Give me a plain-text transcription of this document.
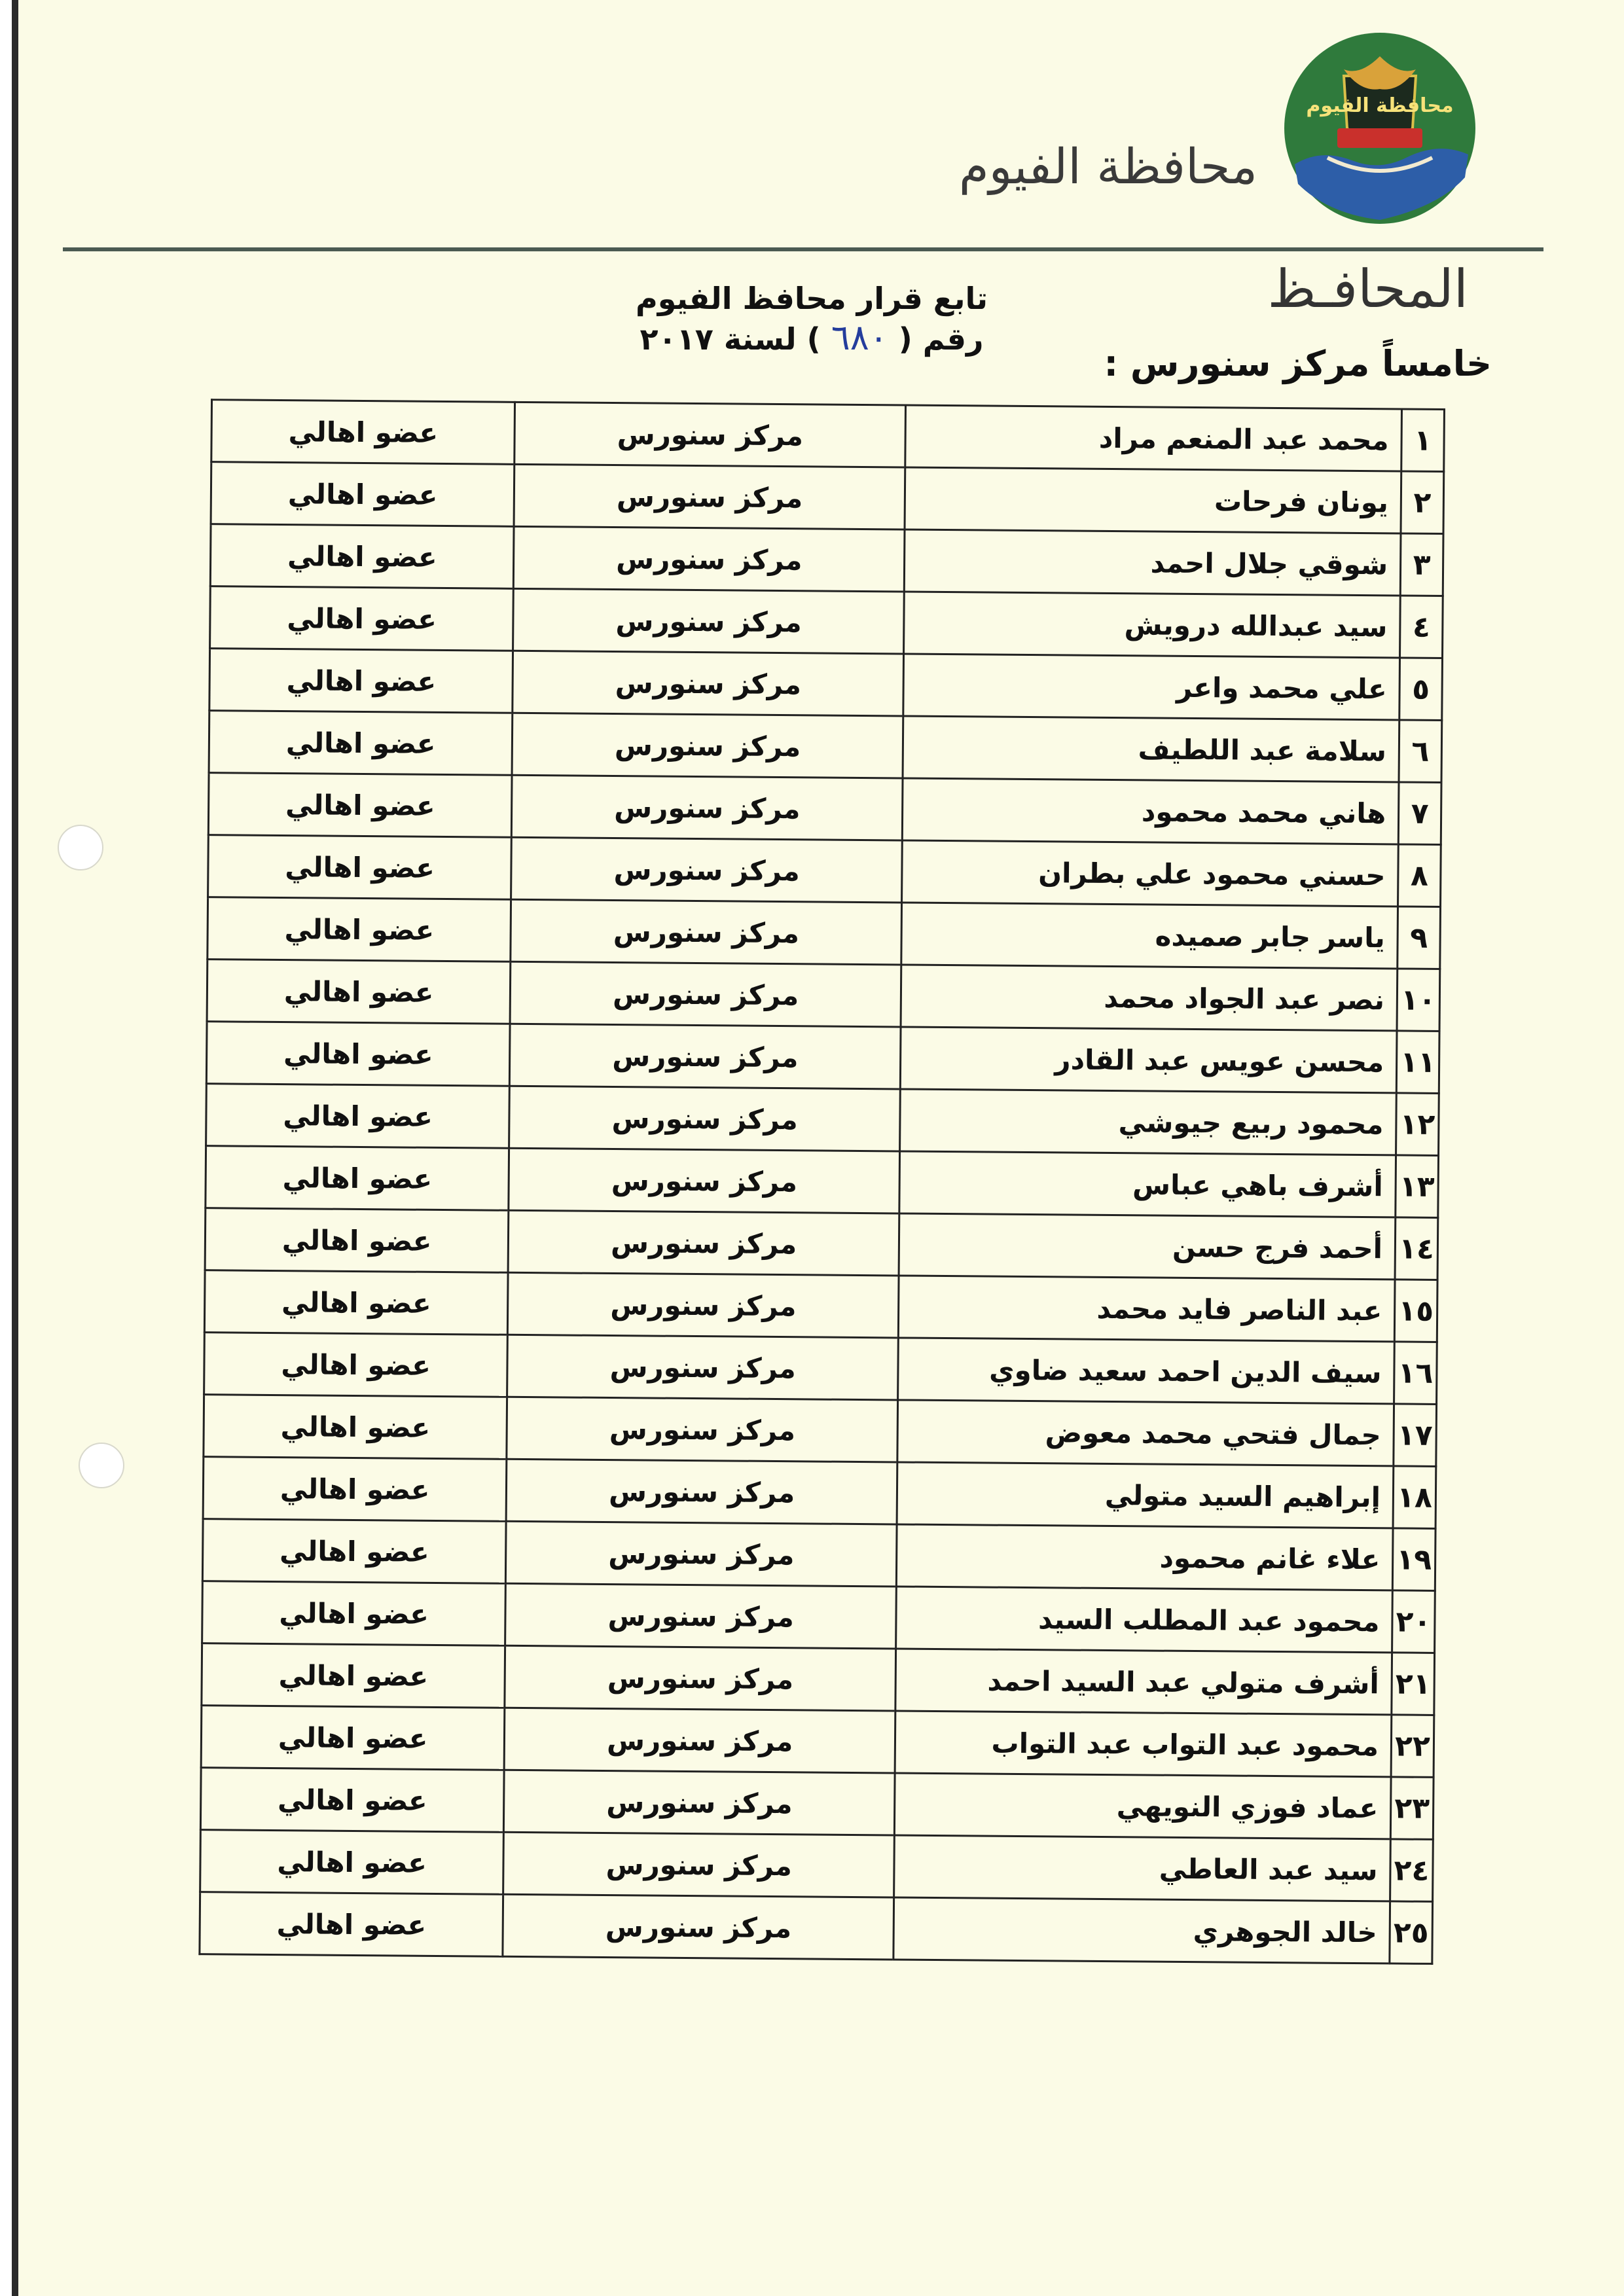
محافظة الفيوم
محافظة الفيوم
المحافـظ
تابع قرار محافظ الفيوم
رقم ( ٦٨٠ ) لسنة ٢٠١٧
خامساً مركز سنورس :
١	محمد عبد المنعم مراد	مركز سنورس	عضو اهالي
٢	يونان فرحات	مركز سنورس	عضو اهالي
٣	شوقي جلال احمد	مركز سنورس	عضو اهالي
٤	سيد عبدالله درويش	مركز سنورس	عضو اهالي
٥	علي محمد واعر	مركز سنورس	عضو اهالي
٦	سلامة عبد اللطيف	مركز سنورس	عضو اهالي
٧	هاني محمد محمود	مركز سنورس	عضو اهالي
٨	حسني محمود علي بطران	مركز سنورس	عضو اهالي
٩	ياسر جابر صميده	مركز سنورس	عضو اهالي
١٠	نصر عبد الجواد محمد	مركز سنورس	عضو اهالي
١١	محسن عويس عبد القادر	مركز سنورس	عضو اهالي
١٢	محمود ربيع جيوشي	مركز سنورس	عضو اهالي
١٣	أشرف باهي عباس	مركز سنورس	عضو اهالي
١٤	أحمد فرج حسن	مركز سنورس	عضو اهالي
١٥	عبد الناصر فايد محمد	مركز سنورس	عضو اهالي
١٦	سيف الدين احمد سعيد ضاوي	مركز سنورس	عضو اهالي
١٧	جمال فتحي محمد معوض	مركز سنورس	عضو اهالي
١٨	إبراهيم السيد متولي	مركز سنورس	عضو اهالي
١٩	علاء غانم محمود	مركز سنورس	عضو اهالي
٢٠	محمود عبد المطلب السيد	مركز سنورس	عضو اهالي
٢١	أشرف متولي عبد السيد احمد	مركز سنورس	عضو اهالي
٢٢	محمود عبد التواب عبد التواب	مركز سنورس	عضو اهالي
٢٣	عماد فوزي النويهي	مركز سنورس	عضو اهالي
٢٤	سيد عبد العاطي	مركز سنورس	عضو اهالي
٢٥	خالد الجوهري	مركز سنورس	عضو اهالي
